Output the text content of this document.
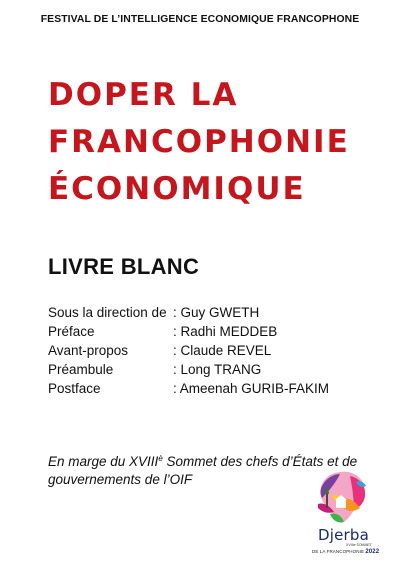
FESTIVAL DE L’INTELLIGENCE ECONOMIQUE FRANCOPHONE
DOPER LA
FRANCOPHONIE
ÉCONOMIQUE
LIVRE BLANC
Sous la direction de : Guy GWETH
Préface	: Radhi MEDDEB
Avant-propos	: Claude REVEL
Préambule	: Long TRANG
Postface	: Ameenah GURIB-FAKIM
En marge du $XVIII^è$ Sommet des chefs d’États et de gouvernements de l’OIF
Djerba
XVIIIe SOMMET
DE LA FRANCOPHONIE 2022
